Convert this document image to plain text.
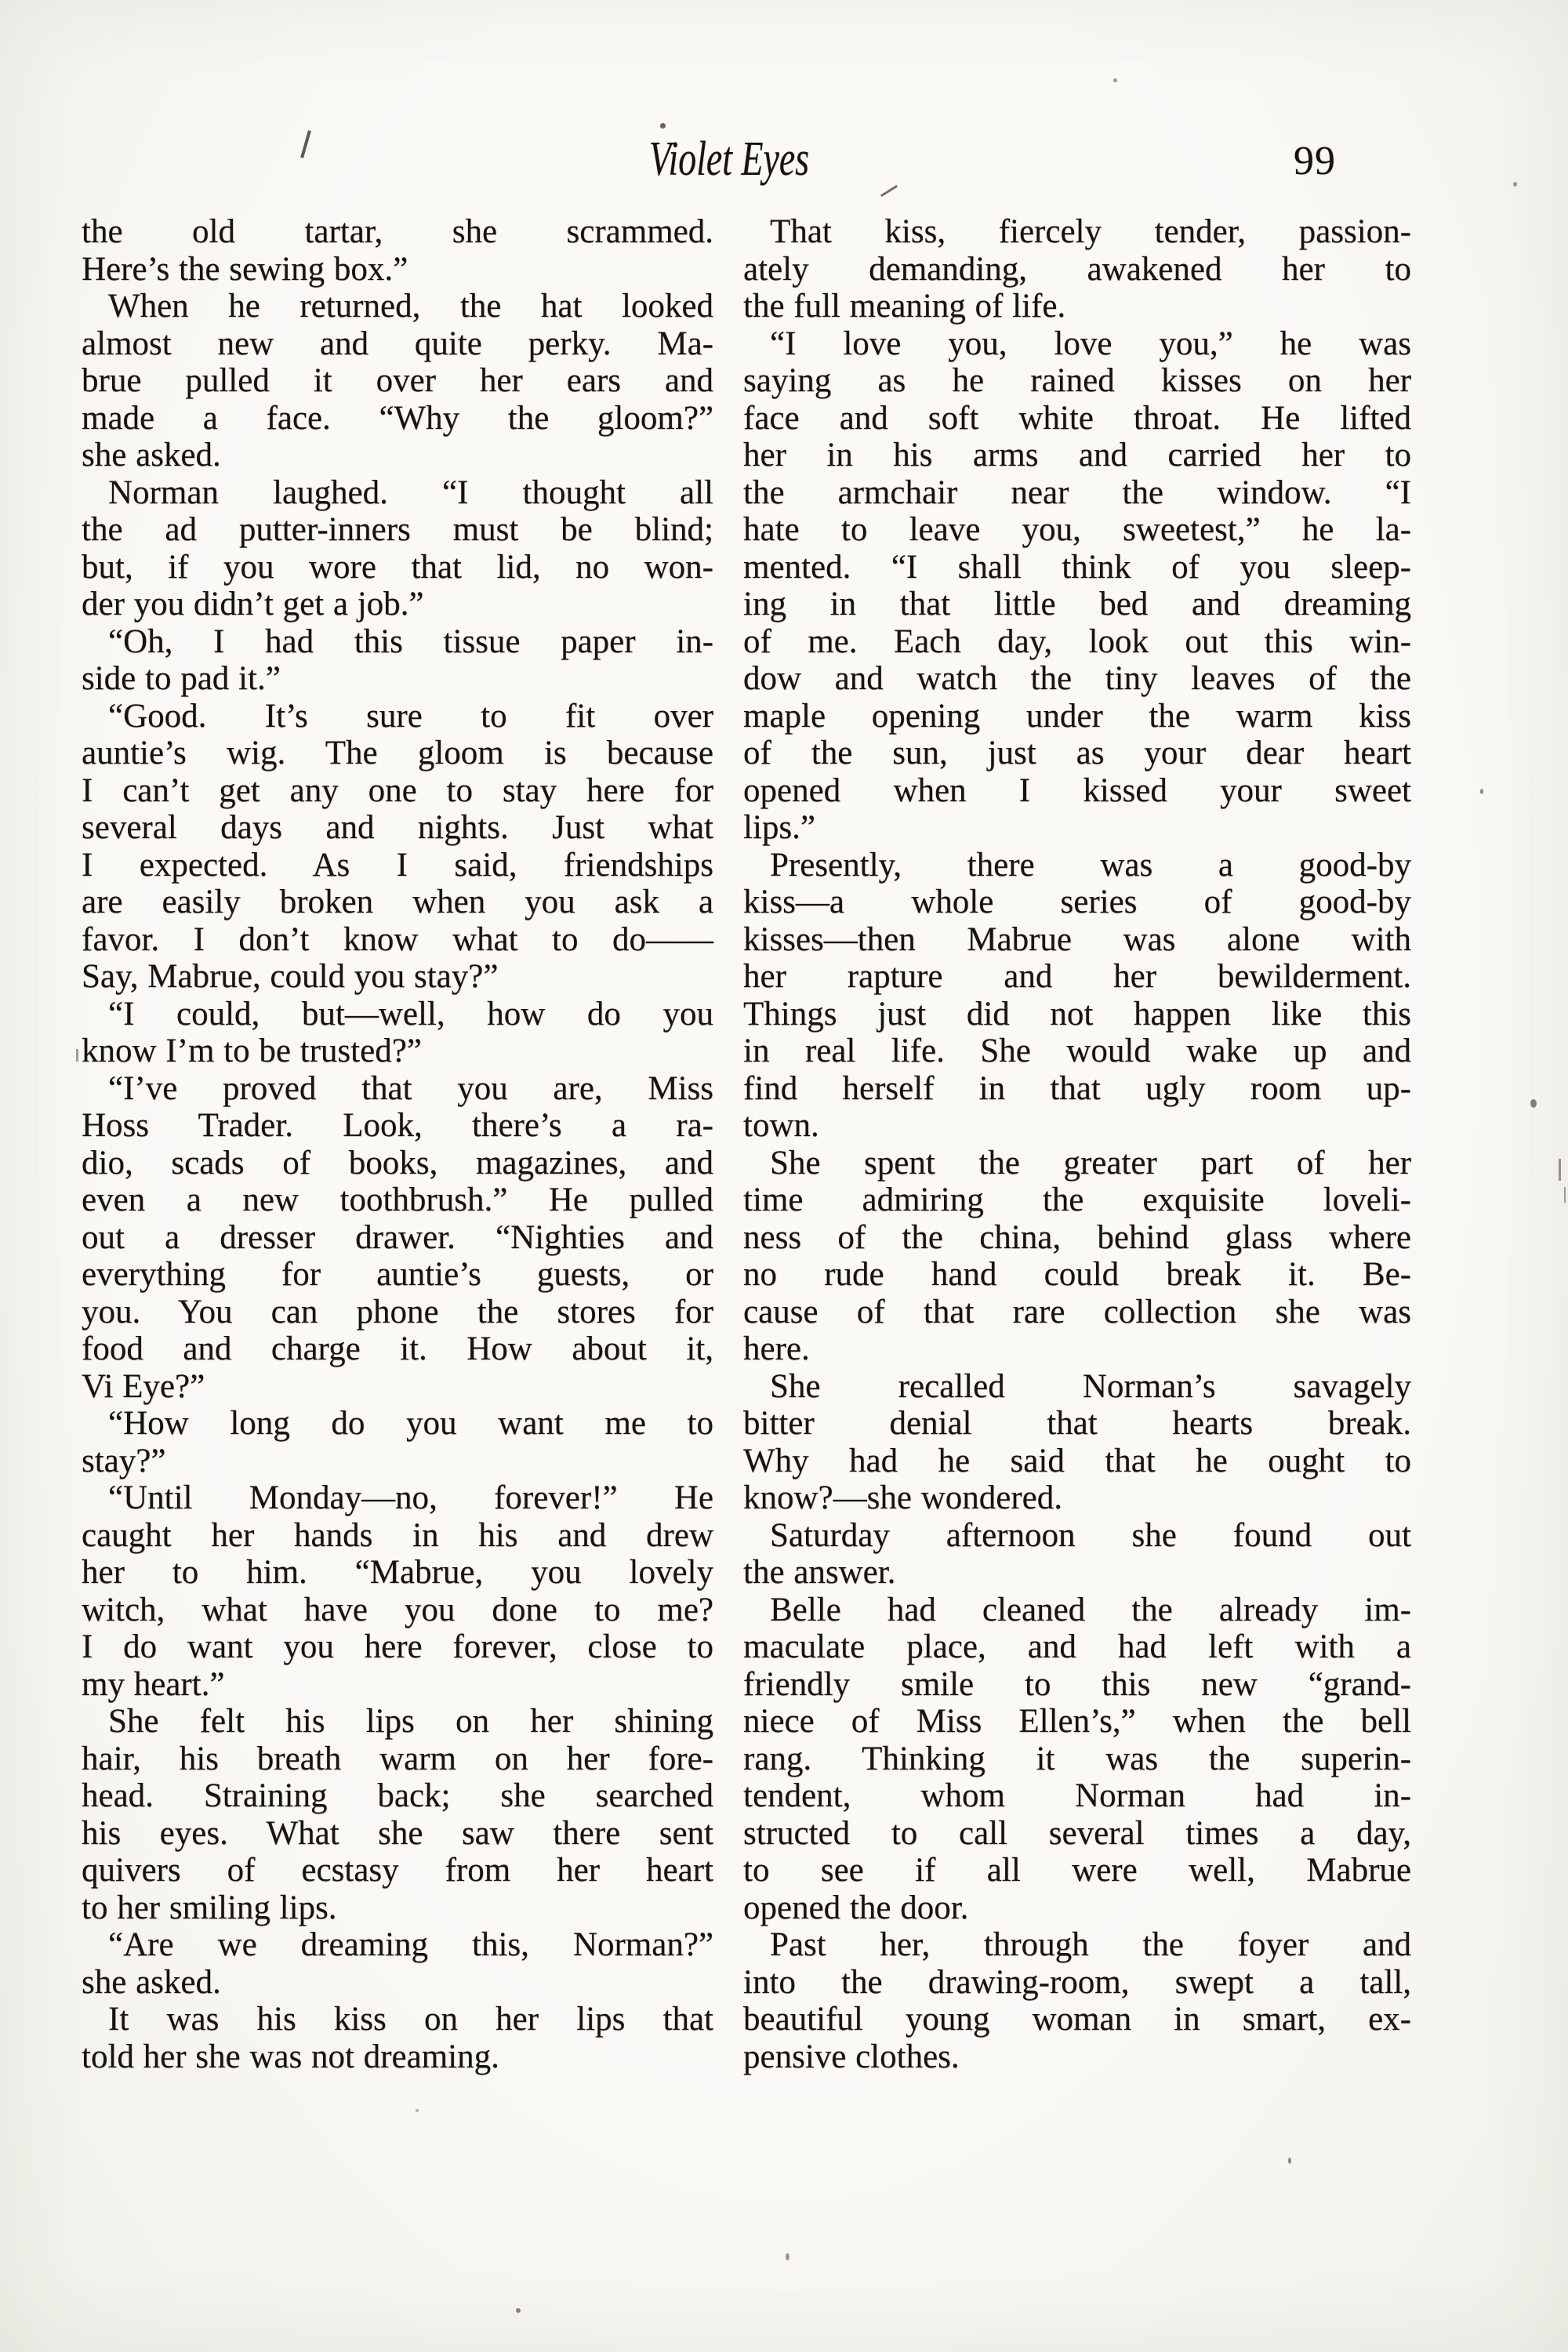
Violet Eyes	99
the old tartar, she scrammed.
Here’s the sewing box.”
When he returned, the hat looked
almost new and quite perky. Ma-
brue pulled it over her ears and
made a face. “Why the gloom?”
she asked.
Norman laughed. “I thought all
the ad putter-inners must be blind;
but, if you wore that lid, no won-
der you didn’t get a job.”
“Oh, I had this tissue paper in-
side to pad it.”
“Good. It’s sure to fit over
auntie’s wig. The gloom is because
I can’t get any one to stay here for
several days and nights. Just what
I expected. As I said, friendships
are easily broken when you ask a
favor. I don’t know what to do——
Say, Mabrue, could you stay?”
“I could, but—well, how do you
know I’m to be trusted?”
“I’ve proved that you are, Miss
Hoss Trader. Look, there’s a ra-
dio, scads of books, magazines, and
even a new toothbrush.” He pulled
out a dresser drawer. “Nighties and
everything for auntie’s guests, or
you. You can phone the stores for
food and charge it. How about it,
Vi Eye?”
“How long do you want me to
stay?”
“Until Monday—no, forever!” He
caught her hands in his and drew
her to him. “Mabrue, you lovely
witch, what have you done to me?
I do want you here forever, close to
my heart.”
She felt his lips on her shining
hair, his breath warm on her fore-
head. Straining back; she searched
his eyes. What she saw there sent
quivers of ecstasy from her heart
to her smiling lips.
“Are we dreaming this, Norman?”
she asked.
It was his kiss on her lips that
told her she was not dreaming.
That kiss, fiercely tender, passion-
ately demanding, awakened her to
the full meaning of life.
“I love you, love you,” he was
saying as he rained kisses on her
face and soft white throat. He lifted
her in his arms and carried her to
the armchair near the window. “I
hate to leave you, sweetest,” he la-
mented. “I shall think of you sleep-
ing in that little bed and dreaming
of me. Each day, look out this win-
dow and watch the tiny leaves of the
maple opening under the warm kiss
of the sun, just as your dear heart
opened when I kissed your sweet
lips.”
Presently, there was a good-by
kiss—a whole series of good-by
kisses—then Mabrue was alone with
her rapture and her bewilderment.
Things just did not happen like this
in real life. She would wake up and
find herself in that ugly room up-
town.
She spent the greater part of her
time admiring the exquisite loveli-
ness of the china, behind glass where
no rude hand could break it. Be-
cause of that rare collection she was
here.
She recalled Norman’s savagely
bitter denial that hearts break.
Why had he said that he ought to
know?—she wondered.
Saturday afternoon she found out
the answer.
Belle had cleaned the already im-
maculate place, and had left with a
friendly smile to this new “grand-
niece of Miss Ellen’s,” when the bell
rang. Thinking it was the superin-
tendent, whom Norman had in-
structed to call several times a day,
to see if all were well, Mabrue
opened the door.
Past her, through the foyer and
into the drawing-room, swept a tall,
beautiful young woman in smart, ex-
pensive clothes.
